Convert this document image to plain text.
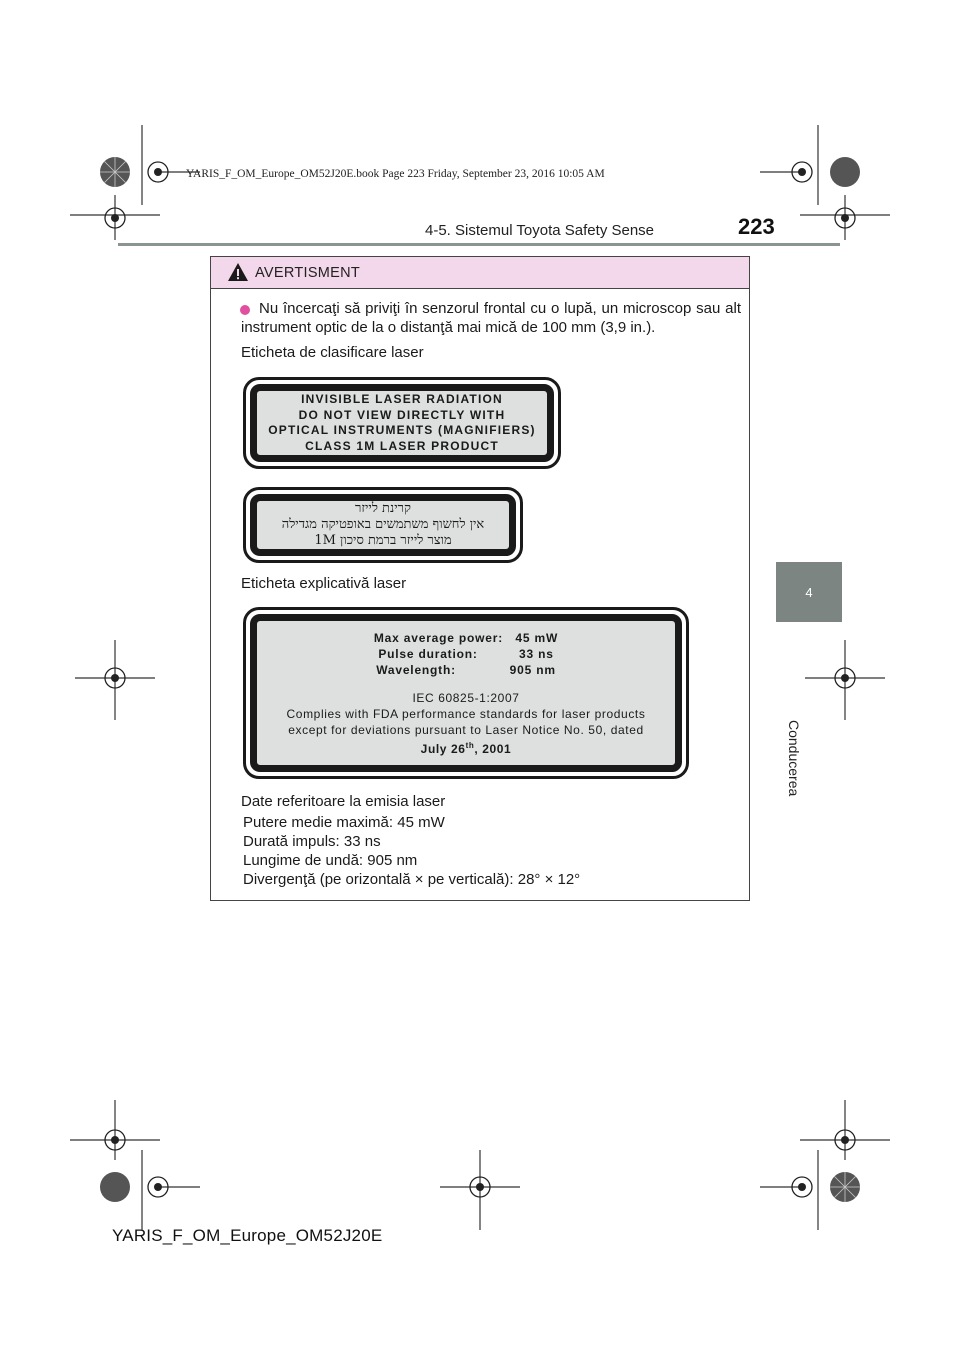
YARIS_F_OM_Europe_OM52J20E.book Page 223 Friday, September 23, 2016 10:05 AM
4-5. Sistemul Toyota Safety Sense	223
4
Conducerea
AVERTISMENT
Nu încercaţi să priviţi în senzorul frontal cu o lupă, un microscop sau alt instrument optic de la o distanţă mai mică de 100 mm (3,9 in.).
Eticheta de clasificare laser
INVISIBLE LASER RADIATION
DO NOT VIEW DIRECTLY WITH
OPTICAL INSTRUMENTS (MAGNIFIERS)
CLASS 1M LASER PRODUCT
קרינת לייזר
אין לחשוף משתמשים באופטיקה מגדילה
מוצר לייזר ברמת סיכון 1M
Eticheta explicativă laser
Max average power:   45 mW
Pulse duration:          33 ns
Wavelength:             905 nm
IEC 60825-1:2007
Complies with FDA performance standards for laser products
except for deviations pursuant to Laser Notice No. 50, dated
July 26th, 2001
Date referitoare la emisia laser
Putere medie maximă: 45 mW
Durată impuls: 33 ns
Lungime de undă: 905 nm
Divergenţă (pe orizontală × pe verticală): 28° × 12°
YARIS_F_OM_Europe_OM52J20E
